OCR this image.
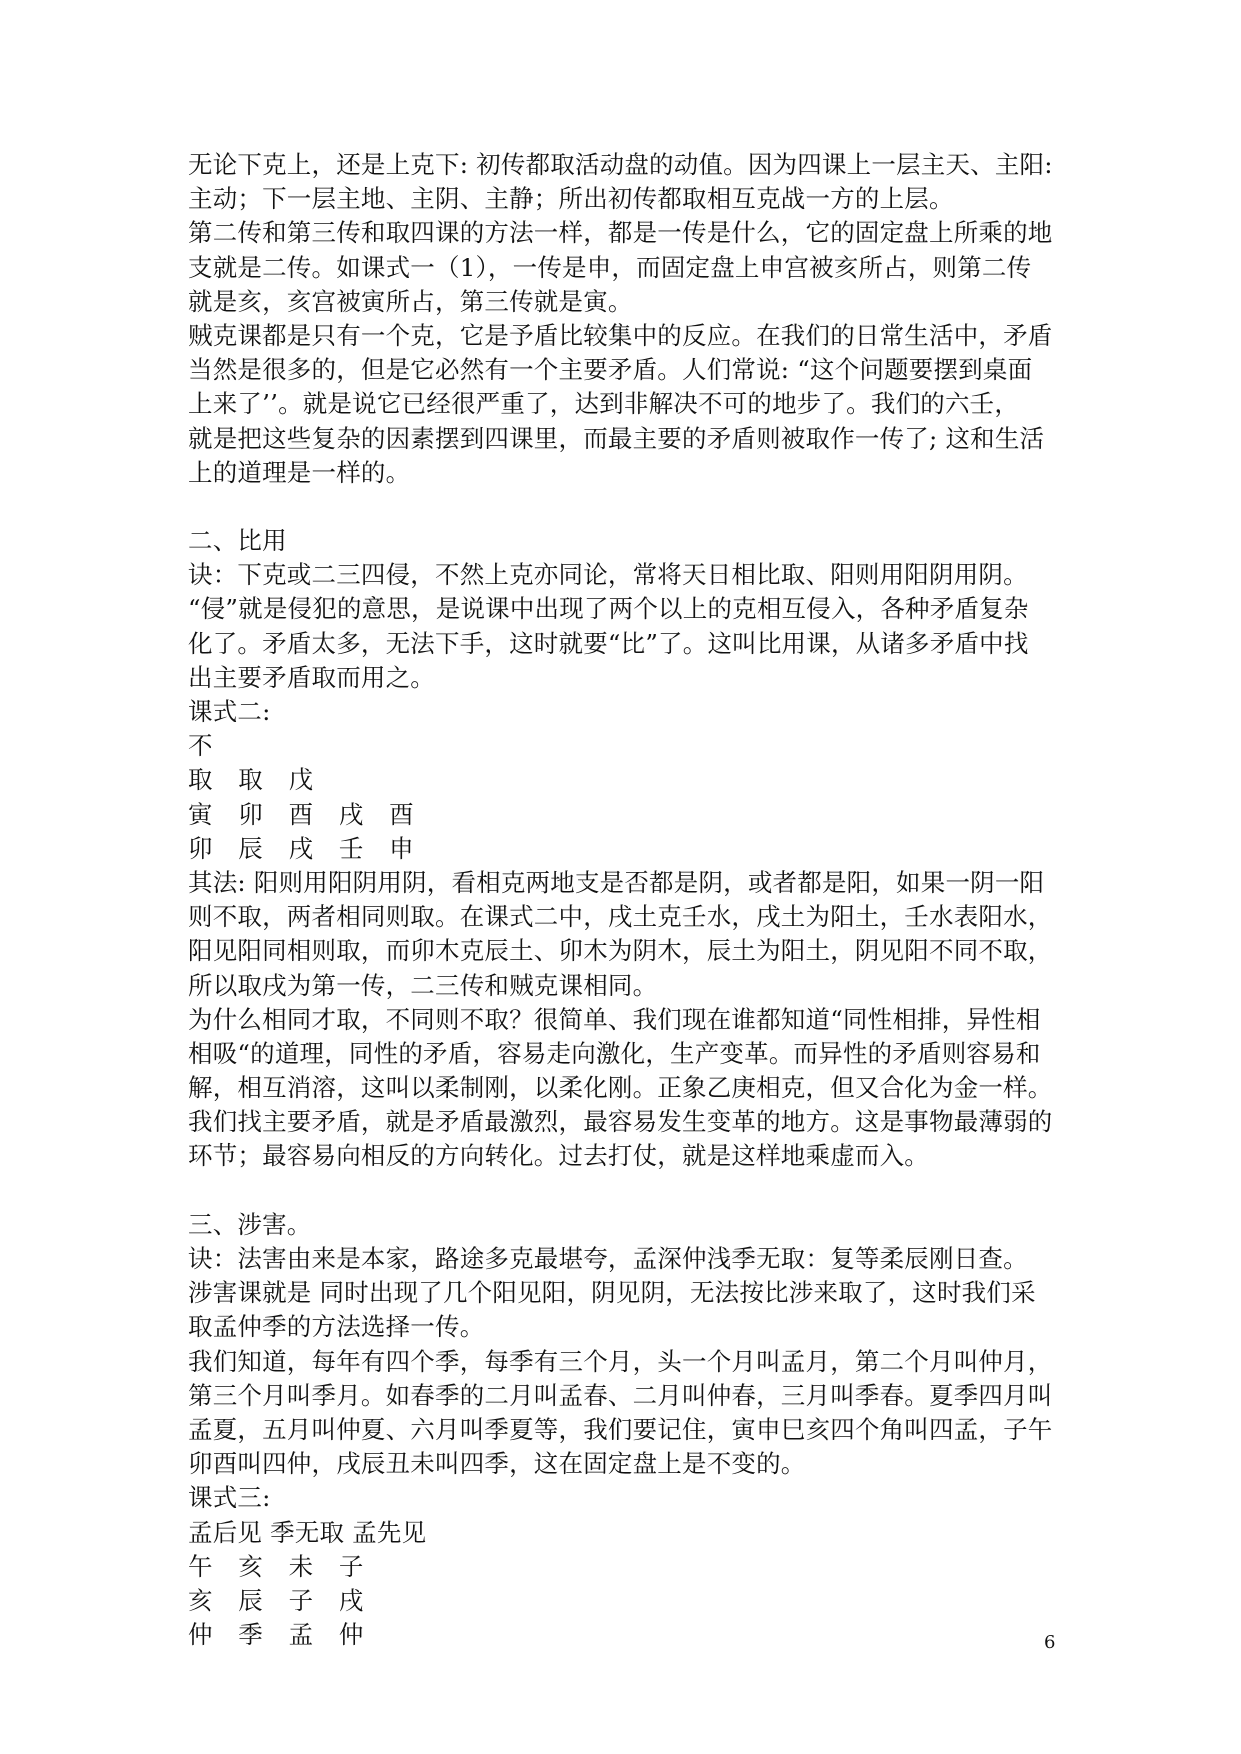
无论下克上，还是上克下: 初传都取活动盘的动值。因为四课上一层主天、主阳:
主动；下一层主地、主阴、主静；所出初传都取相互克战一方的上层。
第二传和第三传和取四课的方法一样，都是一传是什么，它的固定盘上所乘的地
支就是二传。如课式一（1），一传是申，而固定盘上申宫被亥所占，则第二传
就是亥，亥宫被寅所占，第三传就是寅。
贼克课都是只有一个克，它是予盾比较集中的反应。在我们的日常生活中，矛盾
当然是很多的，但是它必然有一个主要矛盾。人们常说: “这个问题要摆到桌面
上来了’’。就是说它已经很严重了，达到非解决不可的地步了。我们的六壬，
就是把这些复杂的因素摆到四课里，而最主要的矛盾则被取作一传了; 这和生活
上的道理是一样的。
二、比用
诀：下克或二三四侵，不然上克亦同论，常将天日相比取、阳则用阳阴用阴。
“侵”就是侵犯的意思，是说课中出现了两个以上的克相互侵入，各种矛盾复杂
化了。矛盾太多，无法下手，这时就要“比”了。这叫比用课，从诸多矛盾中找
出主要矛盾取而用之。
课式二:
不
取 取 戊
寅 卯 酉 戌 酉
卯 辰 戌 壬 申
其法: 阳则用阳阴用阴，看相克两地支是否都是阴，或者都是阳，如果一阴一阳
则不取，两者相同则取。在课式二中，戌土克壬水，戌土为阳土，壬水表阳水，
阳见阳同相则取，而卯木克辰土、卯木为阴木，辰土为阳土，阴见阳不同不取，
所以取戌为第一传，二三传和贼克课相同。
为什么相同才取，不同则不取？很简单、我们现在谁都知道“同性相排，异性相
相吸“的道理，同性的矛盾，容易走向激化，生产变革。而异性的矛盾则容易和
解，相互消溶，这叫以柔制刚，以柔化刚。正象乙庚相克，但又合化为金一样。
我们找主要矛盾，就是矛盾最激烈，最容易发生变革的地方。这是事物最薄弱的
环节；最容易向相反的方向转化。过去打仗，就是这样地乘虚而入。
三、涉害。
诀：法害由来是本家，路途多克最堪夸，孟深仲浅季无取：复等柔辰刚日查。
涉害课就是 同时出现了几个阳见阳，阴见阴，无法按比涉来取了，这时我们采
取孟仲季的方法选择一传。
我们知道，每年有四个季，每季有三个月，头一个月叫孟月，第二个月叫仲月，
第三个月叫季月。如春季的二月叫孟春、二月叫仲春，三月叫季春。夏季四月叫
孟夏，五月叫仲夏、六月叫季夏等，我们要记住，寅申巳亥四个角叫四孟，子午
卯酉叫四仲，戌辰丑未叫四季，这在固定盘上是不变的。
课式三:
孟后见 季无取 孟先见
午 亥 未 子
亥 辰 子 戌
仲 季 孟 仲	6
